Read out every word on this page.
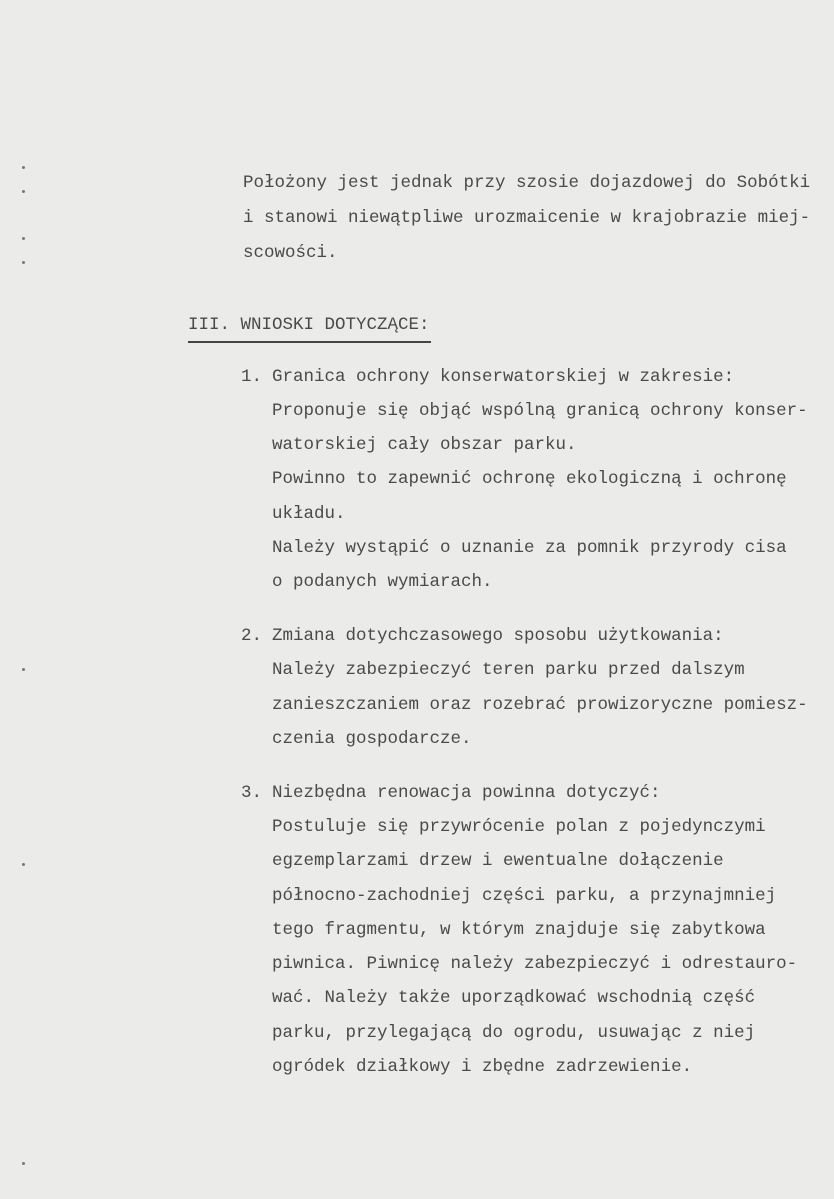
Położony jest jednak przy szosie dojazdowej do Sobótki
i stanowi niewątpliwe urozmaicenie w krajobrazie miej-
scowości.
III. WNIOSKI DOTYCZĄCE:
1. Granica ochrony konserwatorskiej w zakresie:
Proponuje się objąć wspólną granicą ochrony konser-
watorskiej cały obszar parku.
Powinno to zapewnić ochronę ekologiczną i ochronę
układu.
Należy wystąpić o uznanie za pomnik przyrody cisa
o podanych wymiarach.
2. Zmiana dotychczasowego sposobu użytkowania:
Należy zabezpieczyć teren parku przed dalszym
zanieszczaniem oraz rozebrać prowizoryczne pomiesz-
czenia gospodarcze.
3. Niezbędna renowacja powinna dotyczyć:
Postuluje się przywrócenie polan z pojedynczymi
egzemplarzami drzew i ewentualne dołączenie
północno-zachodniej części parku, a przynajmniej
tego fragmentu, w którym znajduje się zabytkowa
piwnica. Piwnicę należy zabezpieczyć i odrestauro-
wać. Należy także uporządkować wschodnią część
parku, przylegającą do ogrodu, usuwając z niej
ogródek działkowy i zbędne zadrzewienie.
